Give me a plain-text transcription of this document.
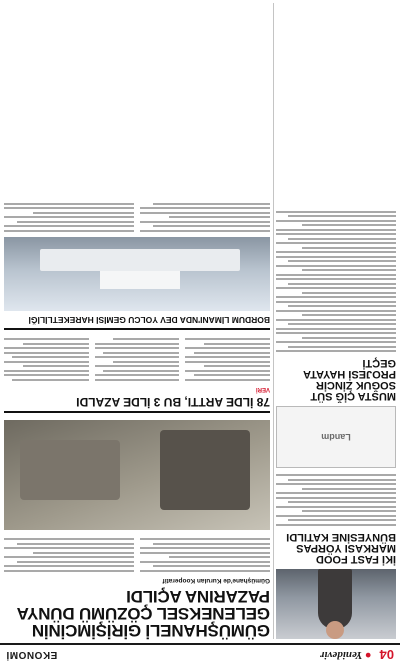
04
● Yenidevir
EKONOMİ
İKİ FAST FOOD MARKASI YÖRPAS BÜNYESİNE KATILDI
Landm
MUSTA ÇİĞ SÜT SOĞUK ZİNCİR PROJESİ HAYATA GEÇTİ
GÜMÜŞHANELİ GİRİŞİMCİNİN GELENEKSEL ÇÖZÜMÜ DÜNYA PAZARINA AÇILDI
Gümüşhane'de Kurulan Kooperatif
78 İLDE ARTTI, BU 3 İLDE AZALDI
VERİ
BORDUM LİMANI'NDA DEV YOLCU GEMİSİ HAREKETLİLİĞİ
